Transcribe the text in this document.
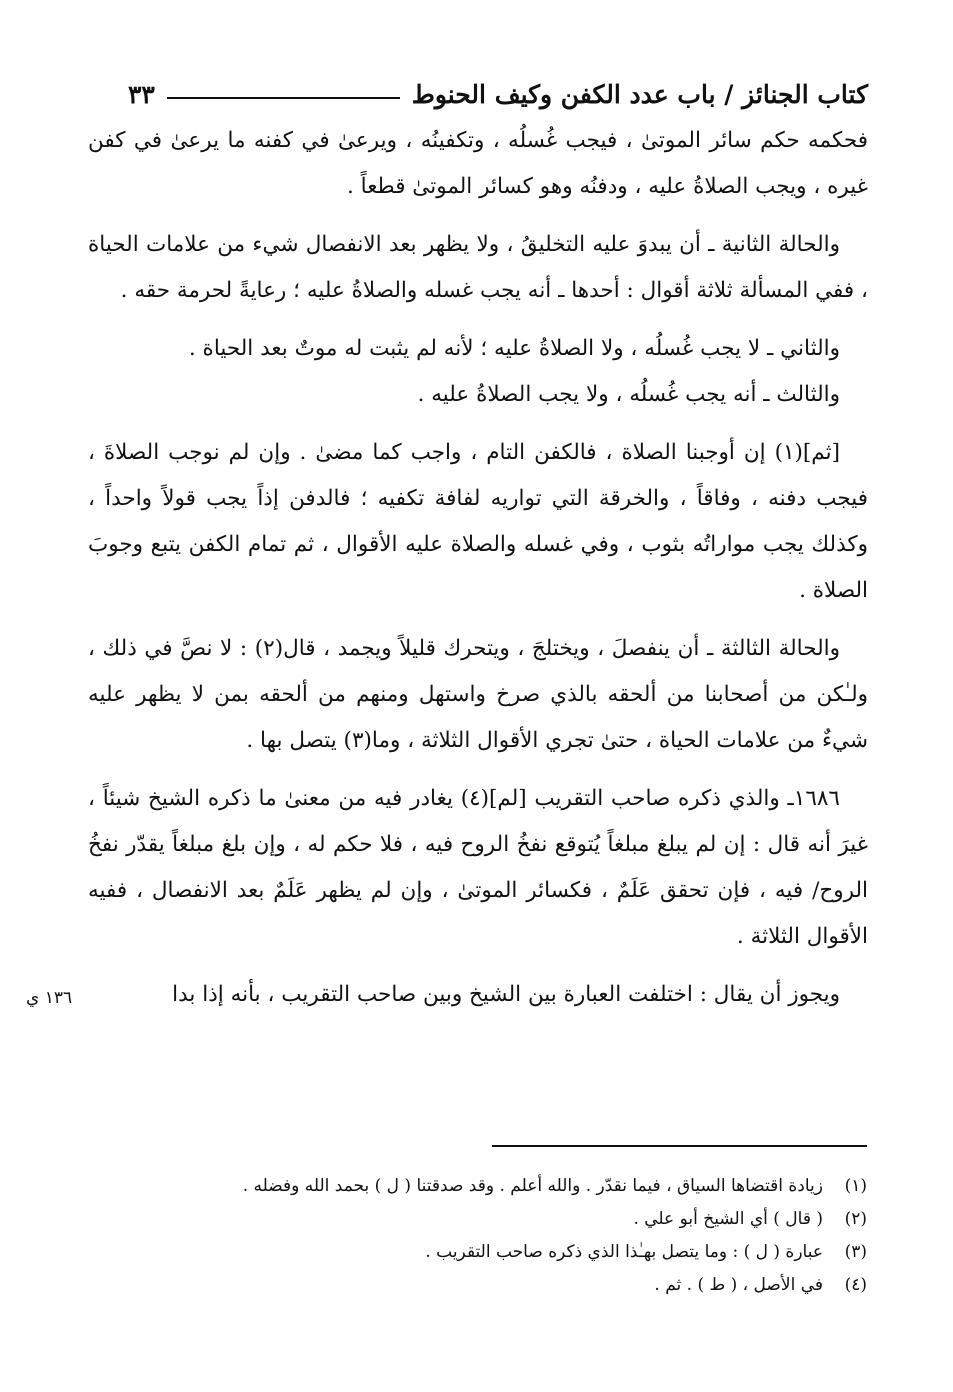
كتاب الجنائز / باب عدد الكفن وكيف الحنوط
٣٣

فحكمه حكم سائر الموتىٰ ، فيجب غُسلُه ، وتكفينُه ، ويرعىٰ في كفنه ما يرعىٰ في كفن غيره ، ويجب الصلاةُ عليه ، ودفنُه وهو كسائر الموتىٰ قطعاً .

والحالة الثانية ـ أن يبدوَ عليه التخليقُ ، ولا يظهر بعد الانفصال شيء من علامات الحياة ، ففي المسألة ثلاثة أقوال : أحدها ـ أنه يجب غسله والصلاةُ عليه ؛ رعايةً لحرمة حقه .

والثاني ـ لا يجب غُسلُه ، ولا الصلاةُ عليه ؛ لأنه لم يثبت له موتٌ بعد الحياة .

والثالث ـ أنه يجب غُسلُه ، ولا يجب الصلاةُ عليه .

[ثم](١) إن أوجبنا الصلاة ، فالكفن التام ، واجب كما مضىٰ . وإن لم نوجب الصلاةَ ، فيجب دفنه ، وفاقاً ، والخرقة التي تواريه لفافة تكفيه ؛ فالدفن إذاً يجب قولاً واحداً ، وكذلك يجب مواراتُه بثوب ، وفي غسله والصلاة عليه الأقوال ، ثم تمام الكفن يتبع وجوبَ الصلاة .

والحالة الثالثة ـ أن ينفصلَ ، ويختلجَ ، ويتحرك قليلاً ويجمد ، قال(٢) : لا نصَّ في ذلك ، ولـٰكن من أصحابنا من ألحقه بالذي صرخ واستهل ومنهم من ألحقه بمن لا يظهر عليه شيءٌ من علامات الحياة ، حتىٰ تجري الأقوال الثلاثة ، وما(٣) يتصل بها .

١٦٨٦ـ والذي ذكره صاحب التقريب [لم](٤) يغادر فيه من معنىٰ ما ذكره الشيخ شيئاً ، غيرَ أنه قال : إن لم يبلغ مبلغاً يُتوقع نفخُ الروح فيه ، فلا حكم له ، وإن بلغ مبلغاً يقدّر نفخُ الروح/ فيه ، فإن تحقق عَلَمٌ ، فكسائر الموتىٰ ، وإن لم يظهر عَلَمٌ بعد الانفصال ، ففيه الأقوال الثلاثة .

ويجوز أن يقال : اختلفت العبارة بين الشيخ وبين صاحب التقريب ، بأنه إذا بدا

١٣٦ ي
(١)
زيادة اقتضاها السياق ، فيما نقدّر . والله أعلم . وقد صدقتنا ( ل ) بحمد الله وفضله .
(٢)
( قال ) أي الشيخ أبو علي .
(٣)
عبارة ( ل ) : وما يتصل بهـٰذا الذي ذكره صاحب التقريب .
(٤)
في الأصل ، ( ط ) . ثم .
